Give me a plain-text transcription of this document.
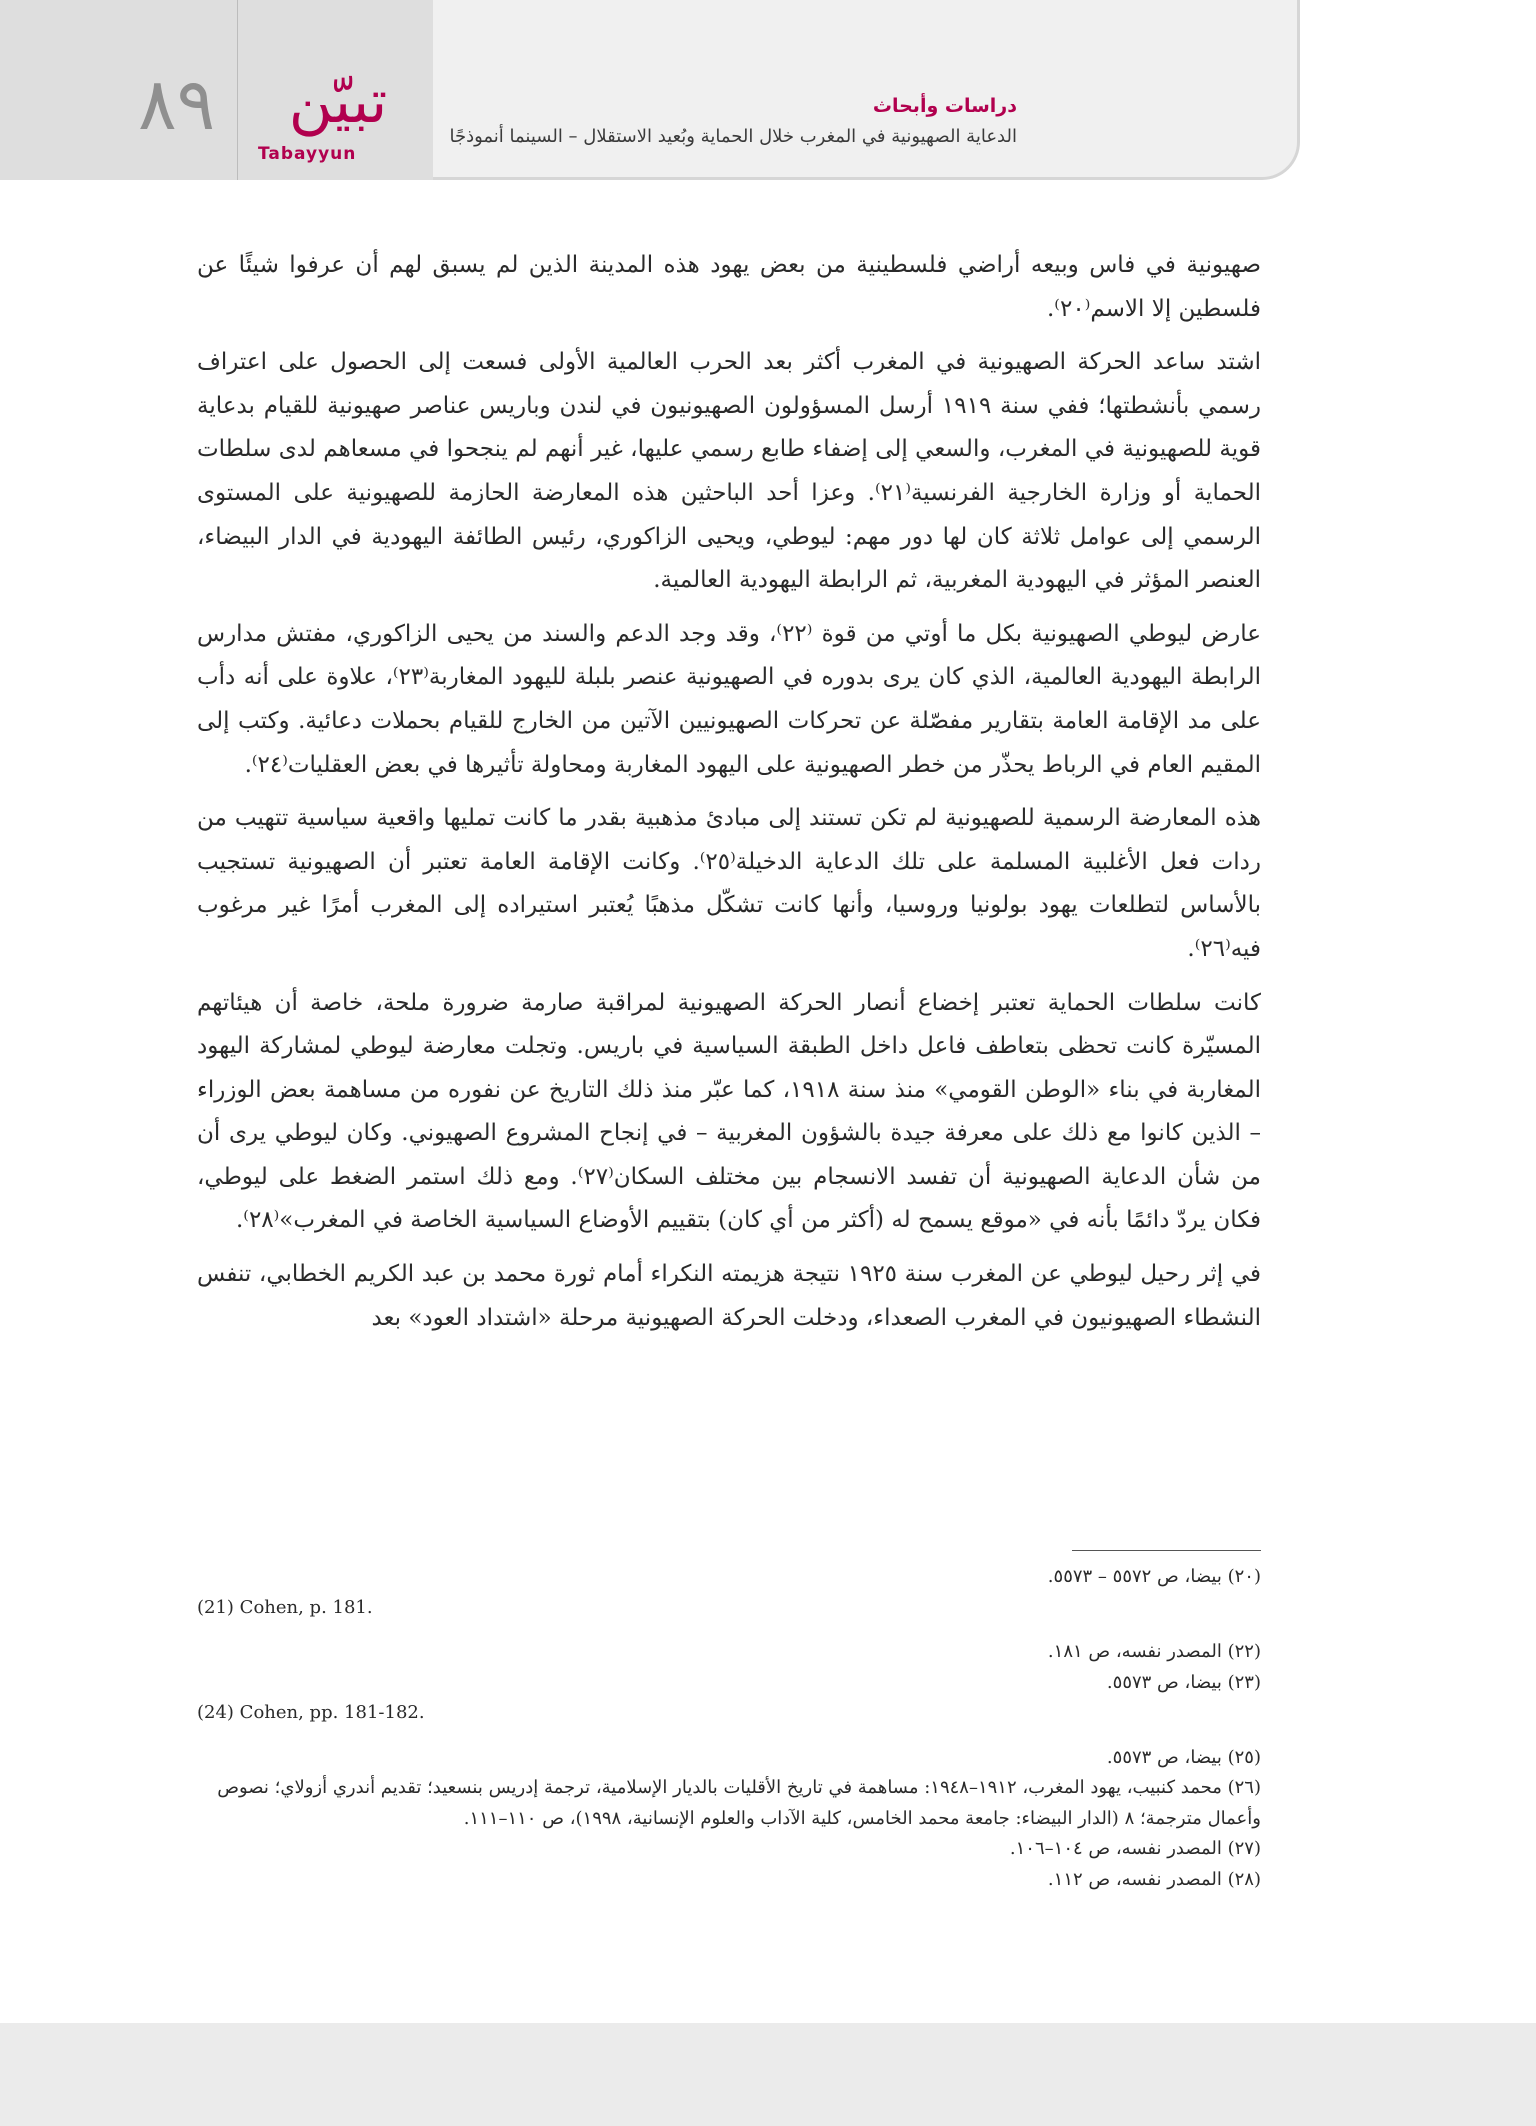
٨٩	تبيّن
Tabayyun
دراسات وأبحاث
الدعاية الصهيونية في المغرب خلال الحماية وبُعيد الاستقلال – السينما أنموذجًا

صهيونية في فاس وبيعه أراضي فلسطينية من بعض يهود هذه المدينة الذين لم يسبق لهم أن عرفوا شيئًا عن فلسطين إلا الاسم⁽٢٠⁾.

اشتد ساعد الحركة الصهيونية في المغرب أكثر بعد الحرب العالمية الأولى فسعت إلى الحصول على اعتراف رسمي بأنشطتها؛ ففي سنة ١٩١٩ أرسل المسؤولون الصهيونيون في لندن وباريس عناصر صهيونية للقيام بدعاية قوية للصهيونية في المغرب، والسعي إلى إضفاء طابع رسمي عليها، غير أنهم لم ينجحوا في مسعاهم لدى سلطات الحماية أو وزارة الخارجية الفرنسية⁽٢١⁾. وعزا أحد الباحثين هذه المعارضة الحازمة للصهيونية على المستوى الرسمي إلى عوامل ثلاثة كان لها دور مهم: ليوطي، ويحيى الزاكوري، رئيس الطائفة اليهودية في الدار البيضاء، العنصر المؤثر في اليهودية المغربية، ثم الرابطة اليهودية العالمية.

عارض ليوطي الصهيونية بكل ما أوتي من قوة ⁽٢٢⁾، وقد وجد الدعم والسند من يحيى الزاكوري، مفتش مدارس الرابطة اليهودية العالمية، الذي كان يرى بدوره في الصهيونية عنصر بلبلة لليهود المغاربة⁽٢٣⁾، علاوة على أنه دأب على مد الإقامة العامة بتقارير مفصّلة عن تحركات الصهيونيين الآتين من الخارج للقيام بحملات دعائية. وكتب إلى المقيم العام في الرباط يحذّر من خطر الصهيونية على اليهود المغاربة ومحاولة تأثيرها في بعض العقليات⁽٢٤⁾.

هذه المعارضة الرسمية للصهيونية لم تكن تستند إلى مبادئ مذهبية بقدر ما كانت تمليها واقعية سياسية تتهيب من ردات فعل الأغلبية المسلمة على تلك الدعاية الدخيلة⁽٢٥⁾. وكانت الإقامة العامة تعتبر أن الصهيونية تستجيب بالأساس لتطلعات يهود بولونيا وروسيا، وأنها كانت تشكّل مذهبًا يُعتبر استيراده إلى المغرب أمرًا غير مرغوب فيه⁽٢٦⁾.

كانت سلطات الحماية تعتبر إخضاع أنصار الحركة الصهيونية لمراقبة صارمة ضرورة ملحة، خاصة أن هيئاتهم المسيّرة كانت تحظى بتعاطف فاعل داخل الطبقة السياسية في باريس. وتجلت معارضة ليوطي لمشاركة اليهود المغاربة في بناء «الوطن القومي» منذ سنة ١٩١٨، كما عبّر منذ ذلك التاريخ عن نفوره من مساهمة بعض الوزراء – الذين كانوا مع ذلك على معرفة جيدة بالشؤون المغربية – في إنجاح المشروع الصهيوني. وكان ليوطي يرى أن من شأن الدعاية الصهيونية أن تفسد الانسجام بين مختلف السكان⁽٢٧⁾. ومع ذلك استمر الضغط على ليوطي، فكان يردّ دائمًا بأنه في «موقع يسمح له (أكثر من أي كان) بتقييم الأوضاع السياسية الخاصة في المغرب»⁽٢٨⁾.

في إثر رحيل ليوطي عن المغرب سنة ١٩٢٥ نتيجة هزيمته النكراء أمام ثورة محمد بن عبد الكريم الخطابي، تنفس النشطاء الصهيونيون في المغرب الصعداء، ودخلت الحركة الصهيونية مرحلة «اشتداد العود» بعد

(٢٠) بيضا، ص ٥٥٧٢ – ٥٥٧٣.
(21) Cohen, p. 181.
(٢٢) المصدر نفسه، ص ١٨١.
(٢٣) بيضا، ص ٥٥٧٣.
(24) Cohen, pp. 181-182.
(٢٥) بيضا، ص ٥٥٧٣.
(٢٦) محمد كنبيب، يهود المغرب، ١٩١٢–١٩٤٨: مساهمة في تاريخ الأقليات بالديار الإسلامية، ترجمة إدريس بنسعيد؛ تقديم أندري أزولاي؛ نصوص وأعمال مترجمة؛ ٨ (الدار البيضاء: جامعة محمد الخامس، كلية الآداب والعلوم الإنسانية، ١٩٩٨)، ص ١١٠–١١١.
(٢٧) المصدر نفسه، ص ١٠٤–١٠٦.
(٢٨) المصدر نفسه، ص ١١٢.
